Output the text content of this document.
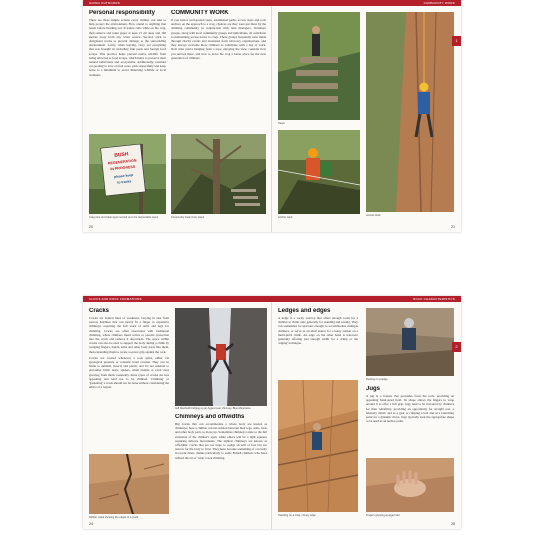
GOING OUTDOORS	COMMUNITY WORK
Personal responsibility

There are three simple actions every climber can take to help protect the environment. First, attend to anything that needs before heading out. If nature calls while on the crag, then remove and toilet paper at least 15 cm deep and 100 metres away from any water source. Second, stick to designated tracks to prevent damage to the surrounding environment. Lastly, when leaving, carry out everything that was brought in, including fruit peels and foreign food scraps. This practice helps prevent native wildlife from being attracted to food scraps, which helps to preserve their natural behaviours and ecosystems. Additionally, consider car-pooling to save on fuel costs, park respectfully and keep noise to a minimum to avoid disturbing wildlife or local residents.

COMMUNITY WORK

If you notice well-graded steps, established paths, access steps and rock anchors on the approach to a crag, chances are they were put there by the climbing community in conjunction with land managers. Volunteer groups, along with local community groups and individuals, all contribute to maintaining access tracks to crags. These groups frequently raise funds through charity events and donations from advocacy organisations, and they always welcome more climbers to contribute with a day of work. Next time you're hanging from a rope, enjoying the view, consider how you arrived there, and how to leave the crag a better place for the next generation of climbers.

BUSH
REGENERATION
IN PROGRESS
please keep
to tracks
Crag care and track signs remind us to be responsible users	Community track crew, steps
Steps
Access work
Anchor work
20	21
1
CLIFFS AND ROCK FORMATIONS	ROCK CHARACTERISTICS
Cracks

Cracks are natural lines of weakness, varying in size from narrow hairlines that can barely fit a finger to expansive chimneys requiring the full work of arms and legs for climbing. Cracks are often associated with traditional climbing, where climbers insert active or passive protection into the crack and remove it afterwards. The space within cracks can also be used to support the body during a climb by wedging fingers, hands, arms and other body parts into them, then expanding them to create a secure grip against the rock.

Cracks are created whenever a rock splits, either via geological pressure or constant water erosion. They can be home to animals, insects and plants, and it's not unusual to encounter birds' nests, spiders, small bushes or even trees growing from them. Generally, these types of cracks are less appealing and tend not to be climbed. 'Climbing' or 'gardening' a crack should not be done without considering the ethics of a region.

Splitter crack showing the edges of a crack
Jaff Stanfield bridging up an Aggenmeer chimney, Blue Mountains
Chimneys and offwidths

Big cracks that can accommodate a whole body are known as chimneys; here a climber can use tension between their legs, arms, back and other body parts to move up. Sometimes chimneys relate to the full extension of the climber's span, while others will be a tight squeeze requiring delicate movements. The tightest chimneys are known as offwidths: cracks that are too large to wedge an arm or foot but too narrow for the body to fit in. They have become something of a novelty in recent times, thanks particularly to some British climbers who have refined the art of 'wide' crack climbing.

Ledges and edges

A ledge is a rocky outcrop that offers enough room for a climber to climb onto generally for standing and resting. They can sometimes be spacious enough to accommodate multiple climbers, or serve as an ideal stance for a belay station on a multi-pitch climb. An edge on the other hand is narrower generally offering just enough width for a crimp or the 'edging' technique.

Standing on a crisp, crimpy edge
Resting on a ledge
Jugs

A jug is a feature that protrudes from the rock, providing an appealing hand-sized hold. Its shape allows the fingers to wrap around it to offer a full grip. Jugs tend to be favoured by climbers for their reliability, providing an opportunity for straight rest, a leisurely climb, and as a gear or clipping a bolt and as a launching point for a dynamic move. Jugs typically look the appropriate shape to be used as an anchor point.

Fingers gripping a jugge hold
24	25
2
